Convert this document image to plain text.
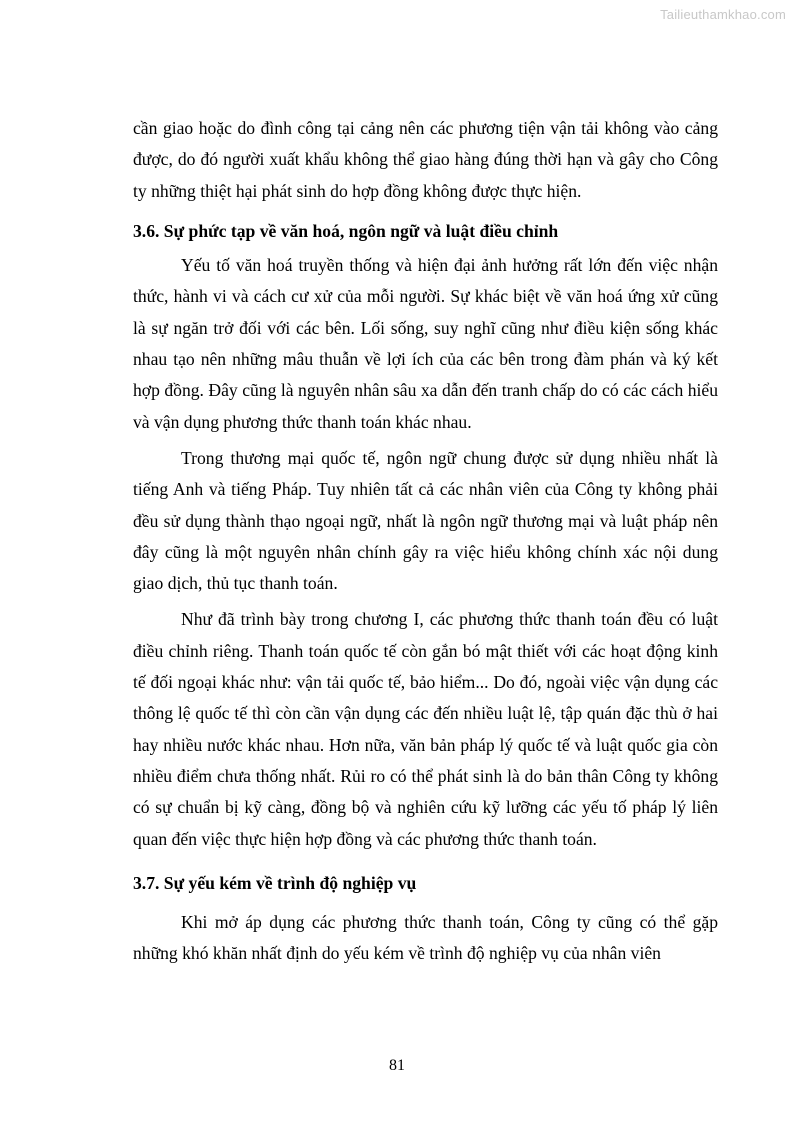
Tailieuthamkhao.com

cần giao hoặc do đình công tại cảng nên các phương tiện vận tải không vào cảng được, do đó người xuất khẩu không thể giao hàng đúng thời hạn và gây cho Công ty những thiệt hại phát sinh do hợp đồng không được thực hiện.

3.6. Sự phức tạp về văn hoá, ngôn ngữ và luật điều chỉnh

Yếu tố văn hoá truyền thống và hiện đại ảnh hưởng rất lớn đến việc nhận thức, hành vi và cách cư xử của mỗi người. Sự khác biệt về văn hoá ứng xử cũng là sự ngăn trở đối với các bên. Lối sống, suy nghĩ cũng như điều kiện sống khác nhau tạo nên những mâu thuẫn về lợi ích của các bên trong đàm phán và ký kết hợp đồng. Đây cũng là nguyên nhân sâu xa dẫn đến tranh chấp do có các cách hiểu và vận dụng phương thức thanh toán khác nhau.

Trong thương mại quốc tế, ngôn ngữ chung được sử dụng nhiều nhất là tiếng Anh và tiếng Pháp. Tuy nhiên tất cả các nhân viên của Công ty không phải đều sử dụng thành thạo ngoại ngữ, nhất là ngôn ngữ thương mại và luật pháp nên đây cũng là một nguyên nhân chính gây ra việc hiểu không chính xác nội dung giao dịch, thủ tục thanh toán.

Như đã trình bày trong chương I, các phương thức thanh toán đều có luật điều chỉnh riêng. Thanh toán quốc tế còn gắn bó mật thiết với các hoạt động kinh tế đối ngoại khác như: vận tải quốc tế, bảo hiểm... Do đó, ngoài việc vận dụng các thông lệ quốc tế thì còn cần vận dụng các đến nhiều luật lệ, tập quán đặc thù ở hai hay nhiều nước khác nhau. Hơn nữa, văn bản pháp lý quốc tế và luật quốc gia còn nhiều điểm chưa thống nhất. Rủi ro có thể phát sinh là do bản thân Công ty không có sự chuẩn bị kỹ càng, đồng bộ và nghiên cứu kỹ lưỡng các yếu tố pháp lý liên quan đến việc thực hiện hợp đồng và các phương thức thanh toán.

3.7. Sự yếu kém về trình độ nghiệp vụ

Khi mở áp dụng các phương thức thanh toán, Công ty cũng có thể gặp những khó khăn nhất định do yếu kém về trình độ nghiệp vụ của nhân viên

81
